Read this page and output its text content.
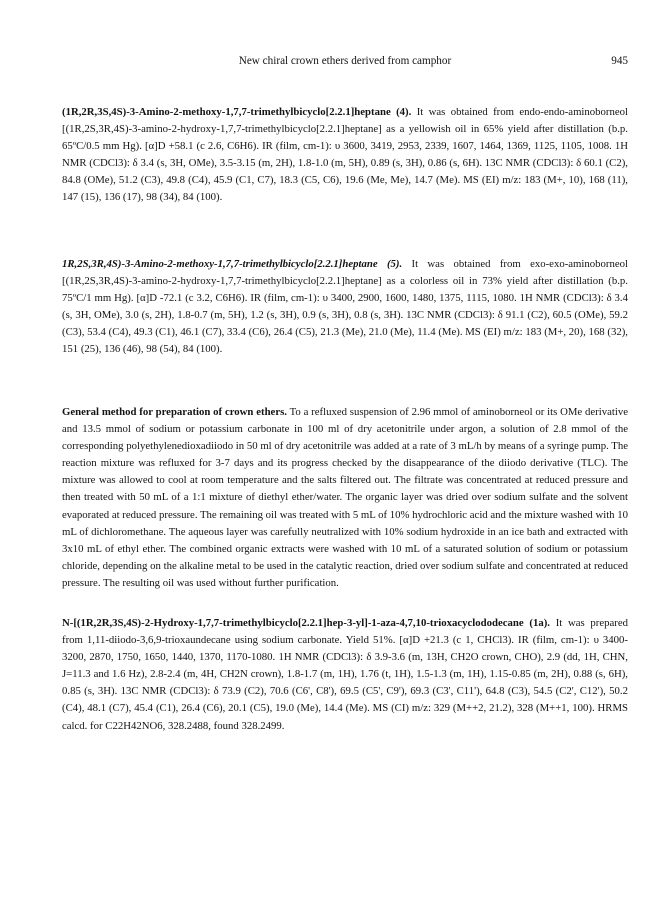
New chiral crown ethers derived from camphor	945

(1R,2R,3S,4S)-3-Amino-2-methoxy-1,7,7-trimethylbicyclo[2.2.1]heptane (4). It was obtained from endo-endo-aminoborneol [(1R,2S,3R,4S)-3-amino-2-hydroxy-1,7,7-trimethylbicyclo[2.2.1]heptane] as a yellowish oil in 65% yield after distillation (b.p. 65ºC/0.5 mm Hg). [α]D +58.1 (c 2.6, C6H6). IR (film, cm-1): υ 3600, 3419, 2953, 2339, 1607, 1464, 1369, 1125, 1105, 1008. 1H NMR (CDCl3): δ 3.4 (s, 3H, OMe), 3.5-3.15 (m, 2H), 1.8-1.0 (m, 5H), 0.89 (s, 3H), 0.86 (s, 6H). 13C NMR (CDCl3): δ 60.1 (C2), 84.8 (OMe), 51.2 (C3), 49.8 (C4), 45.9 (C1, C7), 18.3 (C5, C6), 19.6 (Me, Me), 14.7 (Me). MS (EI) m/z: 183 (M+, 10), 168 (11), 147 (15), 136 (17), 98 (34), 84 (100).

1R,2S,3R,4S)-3-Amino-2-methoxy-1,7,7-trimethylbicyclo[2.2.1]heptane (5). It was obtained from exo-exo-aminoborneol [(1R,2S,3R,4S)-3-amino-2-hydroxy-1,7,7-trimethylbicyclo[2.2.1]heptane] as a colorless oil in 73% yield after distillation (b.p. 75ºC/1 mm Hg). [α]D -72.1 (c 3.2, C6H6). IR (film, cm-1): υ 3400, 2900, 1600, 1480, 1375, 1115, 1080. 1H NMR (CDCl3): δ 3.4 (s, 3H, OMe), 3.0 (s, 2H), 1.8-0.7 (m, 5H), 1.2 (s, 3H), 0.9 (s, 3H), 0.8 (s, 3H). 13C NMR (CDCl3): δ 91.1 (C2), 60.5 (OMe), 59.2 (C3), 53.4 (C4), 49.3 (C1), 46.1 (C7), 33.4 (C6), 26.4 (C5), 21.3 (Me), 21.0 (Me), 11.4 (Me). MS (EI) m/z: 183 (M+, 20), 168 (32), 151 (25), 136 (46), 98 (54), 84 (100).

General method for preparation of crown ethers. To a refluxed suspension of 2.96 mmol of aminoborneol or its OMe derivative and 13.5 mmol of sodium or potassium carbonate in 100 ml of dry acetonitrile under argon, a solution of 2.8 mmol of the corresponding polyethylenedioxadiiodo in 50 ml of dry acetonitrile was added at a rate of 3 mL/h by means of a syringe pump. The reaction mixture was refluxed for 3-7 days and its progress checked by the disappearance of the diiodo derivative (TLC). The mixture was allowed to cool at room temperature and the salts filtered out. The filtrate was concentrated at reduced pressure and then treated with 50 mL of a 1:1 mixture of diethyl ether/water. The organic layer was dried over sodium sulfate and the solvent evaporated at reduced pressure. The remaining oil was treated with 5 mL of 10% hydrochloric acid and the mixture washed with 10 mL of dichloromethane. The aqueous layer was carefully neutralized with 10% sodium hydroxide in an ice bath and extracted with 3x10 mL of ethyl ether. The combined organic extracts were washed with 10 mL of a saturated solution of sodium or potassium chloride, depending on the alkaline metal to be used in the catalytic reaction, dried over sodium sulfate and concentrated at reduced pressure. The resulting oil was used without further purification.

N-[(1R,2R,3S,4S)-2-Hydroxy-1,7,7-trimethylbicyclo[2.2.1]hep-3-yl]-1-aza-4,7,10-trioxacyclododecane (1a). It was prepared from 1,11-diiodo-3,6,9-trioxaundecane using sodium carbonate. Yield 51%. [α]D +21.3 (c 1, CHCl3). IR (film, cm-1): υ 3400-3200, 2870, 1750, 1650, 1440, 1370, 1170-1080. 1H NMR (CDCl3): δ 3.9-3.6 (m, 13H, CH2O crown, CHO), 2.9 (dd, 1H, CHN, J=11.3 and 1.6 Hz), 2.8-2.4 (m, 4H, CH2N crown), 1.8-1.7 (m, 1H), 1.76 (t, 1H), 1.5-1.3 (m, 1H), 1.15-0.85 (m, 2H), 0.88 (s, 6H), 0.85 (s, 3H). 13C NMR (CDCl3): δ 73.9 (C2), 70.6 (C6', C8'), 69.5 (C5', C9'), 69.3 (C3', C11'), 64.8 (C3), 54.5 (C2', C12'), 50.2 (C4), 48.1 (C7), 45.4 (C1), 26.4 (C6), 20.1 (C5), 19.0 (Me), 14.4 (Me). MS (CI) m/z: 329 (M++2, 21.2), 328 (M++1, 100). HRMS calcd. for C22H42NO6, 328.2488, found 328.2499.
